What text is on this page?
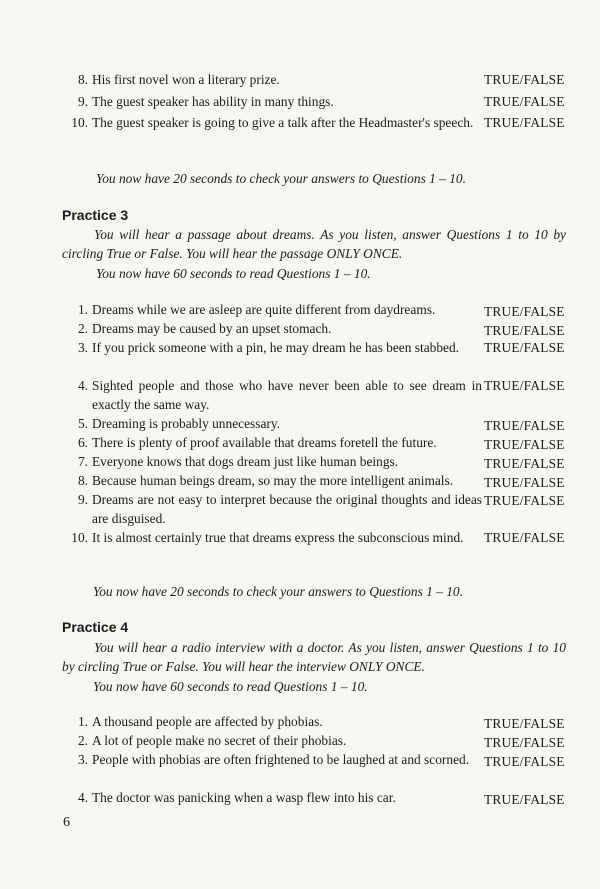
8. His first novel won a literary prize.	TRUE/FALSE
9. The guest speaker has ability in many things.	TRUE/FALSE
10. The guest speaker is going to give a talk after the Headmaster's speech. TRUE/FALSE
You now have 20 seconds to check your answers to Questions 1 – 10.
Practice 3
You will hear a passage about dreams. As you listen, answer Questions 1 to 10 by circling True or False. You will hear the passage ONLY ONCE.
You now have 60 seconds to read Questions 1 – 10.
1. Dreams while we are asleep are quite different from daydreams.	TRUE/FALSE
2. Dreams may be caused by an upset stomach.	TRUE/FALSE
3. If you prick someone with a pin, he may dream he has been stabbed.	TRUE/FALSE
4. Sighted people and those who have never been able to see dream in exactly the same way.
TRUE/FALSE
5. Dreaming is probably unnecessary.	TRUE/FALSE
6. There is plenty of proof available that dreams foretell the future.	TRUE/FALSE
7. Everyone knows that dogs dream just like human beings.	TRUE/FALSE
8. Because human beings dream, so may the more intelligent animals.	TRUE/FALSE
9. Dreams are not easy to interpret because the original thoughts and ideas are disguised.
TRUE/FALSE
10. It is almost certainly true that dreams express the subconscious mind.	TRUE/FALSE
You now have 20 seconds to check your answers to Questions 1 – 10.
Practice 4
You will hear a radio interview with a doctor. As you listen, answer Questions 1 to 10 by circling True or False. You will hear the interview ONLY ONCE.
You now have 60 seconds to read Questions 1 – 10.
1. A thousand people are affected by phobias.	TRUE/FALSE
2. A lot of people make no secret of their phobias.	TRUE/FALSE
3. People with phobias are often frightened to be laughed at and scorned.	TRUE/FALSE
4. The doctor was panicking when a wasp flew into his car.	TRUE/FALSE
6
